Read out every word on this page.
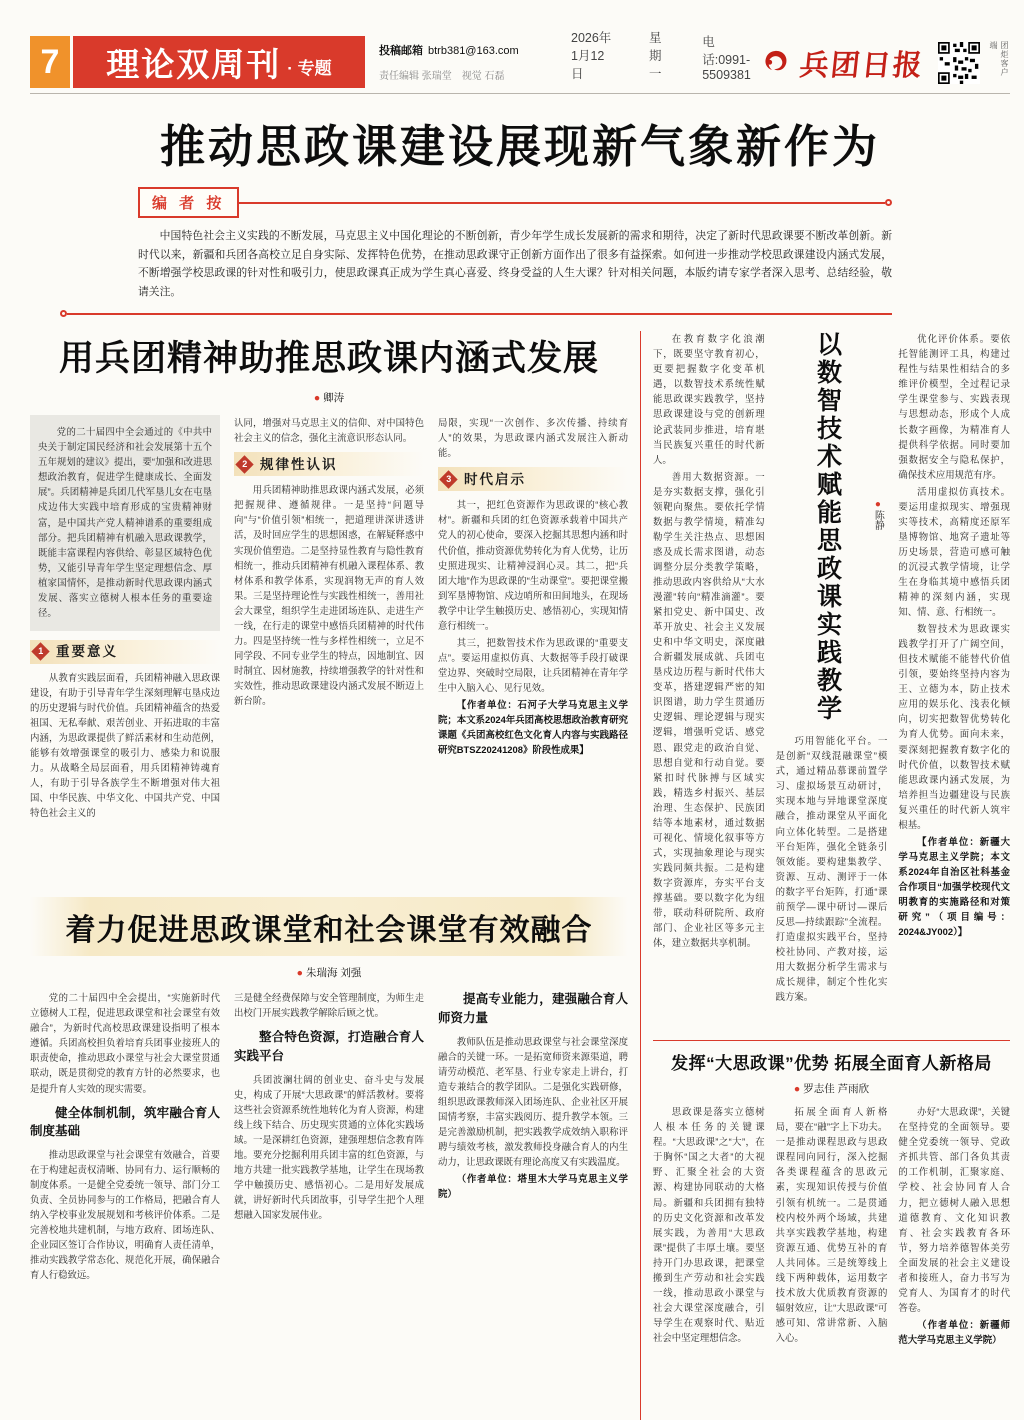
7	理论双周刊 · 专题
投稿邮箱 btrb381@163.com
责任编辑 张瑞堂　视觉 石磊
2026年1月12日
星期一
电话:0991-5509381 兵团日报	团炬客户端
推动思政课建设展现新气象新作为
编 者 按

中国特色社会主义实践的不断发展，马克思主义中国化理论的不断创新，青少年学生成长发展新的需求和期待，决定了新时代思政课要不断改革创新。新时代以来，新疆和兵团各高校立足自身实际、发挥特色优势，在推动思政课守正创新方面作出了很多有益探索。如何进一步推动学校思政课建设内涵式发展，不断增强学校思政课的针对性和吸引力，使思政课真正成为学生真心喜爱、终身受益的人生大课？针对相关问题，本版约请专家学者深入思考、总结经验，敬请关注。

用兵团精神助推思政课内涵式发展
● 卿涛

党的二十届四中全会通过的《中共中央关于制定国民经济和社会发展第十五个五年规划的建议》提出，要“加强和改进思想政治教育，促进学生健康成长、全面发展”。兵团精神是兵团几代军垦儿女在屯垦戍边伟大实践中培育形成的宝贵精神财富，是中国共产党人精神谱系的重要组成部分。把兵团精神有机融入思政课教学，既能丰富课程内容供给、彰显区域特色优势，又能引导青年学生坚定理想信念、厚植家国情怀，是推动新时代思政课内涵式发展、落实立德树人根本任务的重要途径。

1 重要意义

从教育实践层面看，兵团精神融入思政课建设，有助于引导青年学生深刻理解屯垦戍边的历史逻辑与时代价值。兵团精神蕴含的热爱祖国、无私奉献、艰苦创业、开拓进取的丰富内涵，为思政课提供了鲜活素材和生动范例，能够有效增强课堂的吸引力、感染力和说服力。从战略全局层面看，用兵团精神铸魂育人，有助于引导各族学生不断增强对伟大祖国、中华民族、中华文化、中国共产党、中国特色社会主义的

认同，增强对马克思主义的信仰、对中国特色社会主义的信念，强化主流意识形态认同。

2 规律性认识

用兵团精神助推思政课内涵式发展，必须把握规律、遵循规律。一是坚持“问题导向”与“价值引领”相统一，把道理讲深讲透讲活，及时回应学生的思想困惑，在解疑释惑中实现价值塑造。二是坚持显性教育与隐性教育相统一，推动兵团精神有机融入课程体系、教材体系和教学体系，实现润物无声的育人效果。三是坚持理论性与实践性相统一，善用社会大课堂，组织学生走进团场连队、走进生产一线，在行走的课堂中感悟兵团精神的时代伟力。四是坚持统一性与多样性相统一，立足不同学段、不同专业学生的特点，因地制宜、因时制宜、因材施教，持续增强教学的针对性和实效性，推动思政课建设内涵式发展不断迈上新台阶。

局限，实现“一次创作、多次传播、持续育人”的效果，为思政课内涵式发展注入新动能。

3 时代启示

其一，把红色资源作为思政课的“核心教材”。新疆和兵团的红色资源承载着中国共产党人的初心使命，要深入挖掘其思想内涵和时代价值，推动资源优势转化为育人优势，让历史照进现实、让精神浸润心灵。其二，把“兵团大地”作为思政课的“生动课堂”。要把课堂搬到军垦博物馆、戍边哨所和田间地头，在现场教学中让学生触摸历史、感悟初心，实现知情意行相统一。

其三，把数智技术作为思政课的“重要支点”。要运用虚拟仿真、大数据等手段打破课堂边界、突破时空局限，让兵团精神在青年学生中入脑入心、见行见效。

【作者单位：石河子大学马克思主义学院；本文系2024年兵团高校思想政治教育研究课题《兵团高校红色文化育人内容与实践路径研究BTSZ20241208》阶段性成果】

着力促进思政课堂和社会课堂有效融合
● 朱瑞海 刘强

党的二十届四中全会提出，“实施新时代立德树人工程，促进思政课堂和社会课堂有效融合”，为新时代高校思政课建设指明了根本遵循。兵团高校担负着培育兵团事业接班人的职责使命，推动思政小课堂与社会大课堂贯通联动，既是贯彻党的教育方针的必然要求，也是提升育人实效的现实需要。

健全体制机制，筑牢融合育人制度基础

推动思政课堂与社会课堂有效融合，首要在于构建起责权清晰、协同有力、运行顺畅的制度体系。一是健全党委统一领导、部门分工负责、全员协同参与的工作格局，把融合育人纳入学校事业发展规划和考核评价体系。二是完善校地共建机制，与地方政府、团场连队、企业园区签订合作协议，明确育人责任清单，推动实践教学常态化、规范化开展，确保融合育人行稳致远。

三是健全经费保障与安全管理制度，为师生走出校门开展实践教学解除后顾之忧。

整合特色资源，打造融合育人实践平台

兵团波澜壮阔的创业史、奋斗史与发展史，构成了开展“大思政课”的鲜活教材。要将这些社会资源系统性地转化为育人资源，构建线上线下结合、历史现实贯通的立体化实践场域。一是深耕红色资源，建强理想信念教育阵地。要充分挖掘利用兵团丰富的红色资源，与地方共建一批实践教学基地，让学生在现场教学中触摸历史、感悟初心。二是用好发展成就，讲好新时代兵团故事，引导学生把个人理想融入国家发展伟业。

提高专业能力，建强融合育人师资力量

教师队伍是推动思政课堂与社会课堂深度融合的关键一环。一是拓宽师资来源渠道，聘请劳动模范、老军垦、行业专家走上讲台，打造专兼结合的教学团队。二是强化实践研修，组织思政课教师深入团场连队、企业社区开展国情考察，丰富实践阅历、提升教学本领。三是完善激励机制，把实践教学成效纳入职称评聘与绩效考核，激发教师投身融合育人的内生动力，让思政课既有理论高度又有实践温度。

（作者单位：塔里木大学马克思主义学院）

在教育数字化浪潮下，既要坚守教育初心，更要把握数字化变革机遇，以数智技术系统性赋能思政课实践教学，坚持思政课建设与党的创新理论武装同步推进，培育堪当民族复兴重任的时代新人。

善用大数据资源。一是夯实数据支撑，强化引领靶向聚焦。要依托学情数据与教学情境，精准勾勒学生关注热点、思想困惑及成长需求图谱，动态调整分层分类教学策略，推动思政内容供给从“大水漫灌”转向“精准滴灌”。要紧扣党史、新中国史、改革开放史、社会主义发展史和中华文明史，深度融合新疆发展成就、兵团屯垦戍边历程与新时代伟大变革，搭建逻辑严密的知识图谱，助力学生贯通历史逻辑、理论逻辑与现实逻辑，增强听党话、感党恩、跟党走的政治自觉、思想自觉和行动自觉。要紧扣时代脉搏与区域实践，精选乡村振兴、基层治理、生态保护、民族团结等本地素材，通过数据可视化、情境化叙事等方式，实现抽象理论与现实实践同频共振。二是构建数字资源库，夯实平台支撑基础。要以数字化为纽带，联动科研院所、政府部门、企业社区等多元主体，建立数据共享机制。

以数智技术赋能思政课实践教学	●陈静

巧用智能化平台。一是创新“双线混融课堂”模式，通过精品慕课前置学习、虚拟场景互动研讨，实现本地与异地课堂深度融合，推动课堂从平面化向立体化转型。二是搭建平台矩阵，强化全链条引领效能。要构建集教学、资源、互动、测评于一体的数字平台矩阵，打通“课前预学—课中研讨—课后反思—持续跟踪”全流程。打造虚拟实践平台，坚持校社协同、产教对接，运用大数据分析学生需求与成长规律，制定个性化实践方案。

优化评价体系。要依托智能测评工具，构建过程性与结果性相结合的多维评价模型，全过程记录学生课堂参与、实践表现与思想动态，形成个人成长数字画像，为精准育人提供科学依据。同时要加强数据安全与隐私保护，确保技术应用规范有序。

活用虚拟仿真技术。要运用虚拟现实、增强现实等技术，高精度还原军垦博物馆、地窝子遗址等历史场景，营造可感可触的沉浸式教学情境，让学生在身临其境中感悟兵团精神的深刻内涵，实现知、情、意、行相统一。

数智技术为思政课实践教学打开了广阔空间，但技术赋能不能替代价值引领，要始终坚持内容为王、立德为本，防止技术应用的娱乐化、浅表化倾向，切实把数智优势转化为育人优势。面向未来，要深刻把握教育数字化的时代价值，以数智技术赋能思政课内涵式发展，为培养担当边疆建设与民族复兴重任的时代新人筑牢根基。

【作者单位：新疆大学马克思主义学院；本文系2024年自治区社科基金合作项目“加强学校现代文明教育的实施路径和对策研究”（项目编号：2024&JY002）】

发挥“大思政课”优势 拓展全面育人新格局
● 罗志佳 芦雨欣

思政课是落实立德树人根本任务的关键课程。“大思政课”之“大”，在于胸怀“国之大者”的大视野、汇聚全社会的大资源、构建协同联动的大格局。新疆和兵团拥有独特的历史文化资源和改革发展实践，为善用“大思政课”提供了丰厚土壤。要坚持开门办思政课，把课堂搬到生产劳动和社会实践一线，推动思政小课堂与社会大课堂深度融合，引导学生在观察时代、贴近社会中坚定理想信念。

拓展全面育人新格局，要在“融”字上下功夫。一是推动课程思政与思政课程同向同行，深入挖掘各类课程蕴含的思政元素，实现知识传授与价值引领有机统一。二是贯通校内校外两个场域，共建共享实践教学基地，构建资源互通、优势互补的育人共同体。三是统筹线上线下两种载体，运用数字技术放大优质教育资源的辐射效应，让“大思政课”可感可知、常讲常新、入脑入心。

办好“大思政课”，关键在坚持党的全面领导。要健全党委统一领导、党政齐抓共管、部门各负其责的工作机制，汇聚家庭、学校、社会协同育人合力，把立德树人融入思想道德教育、文化知识教育、社会实践教育各环节，努力培养德智体美劳全面发展的社会主义建设者和接班人，奋力书写为党育人、为国育才的时代答卷。

（作者单位：新疆师范大学马克思主义学院）
